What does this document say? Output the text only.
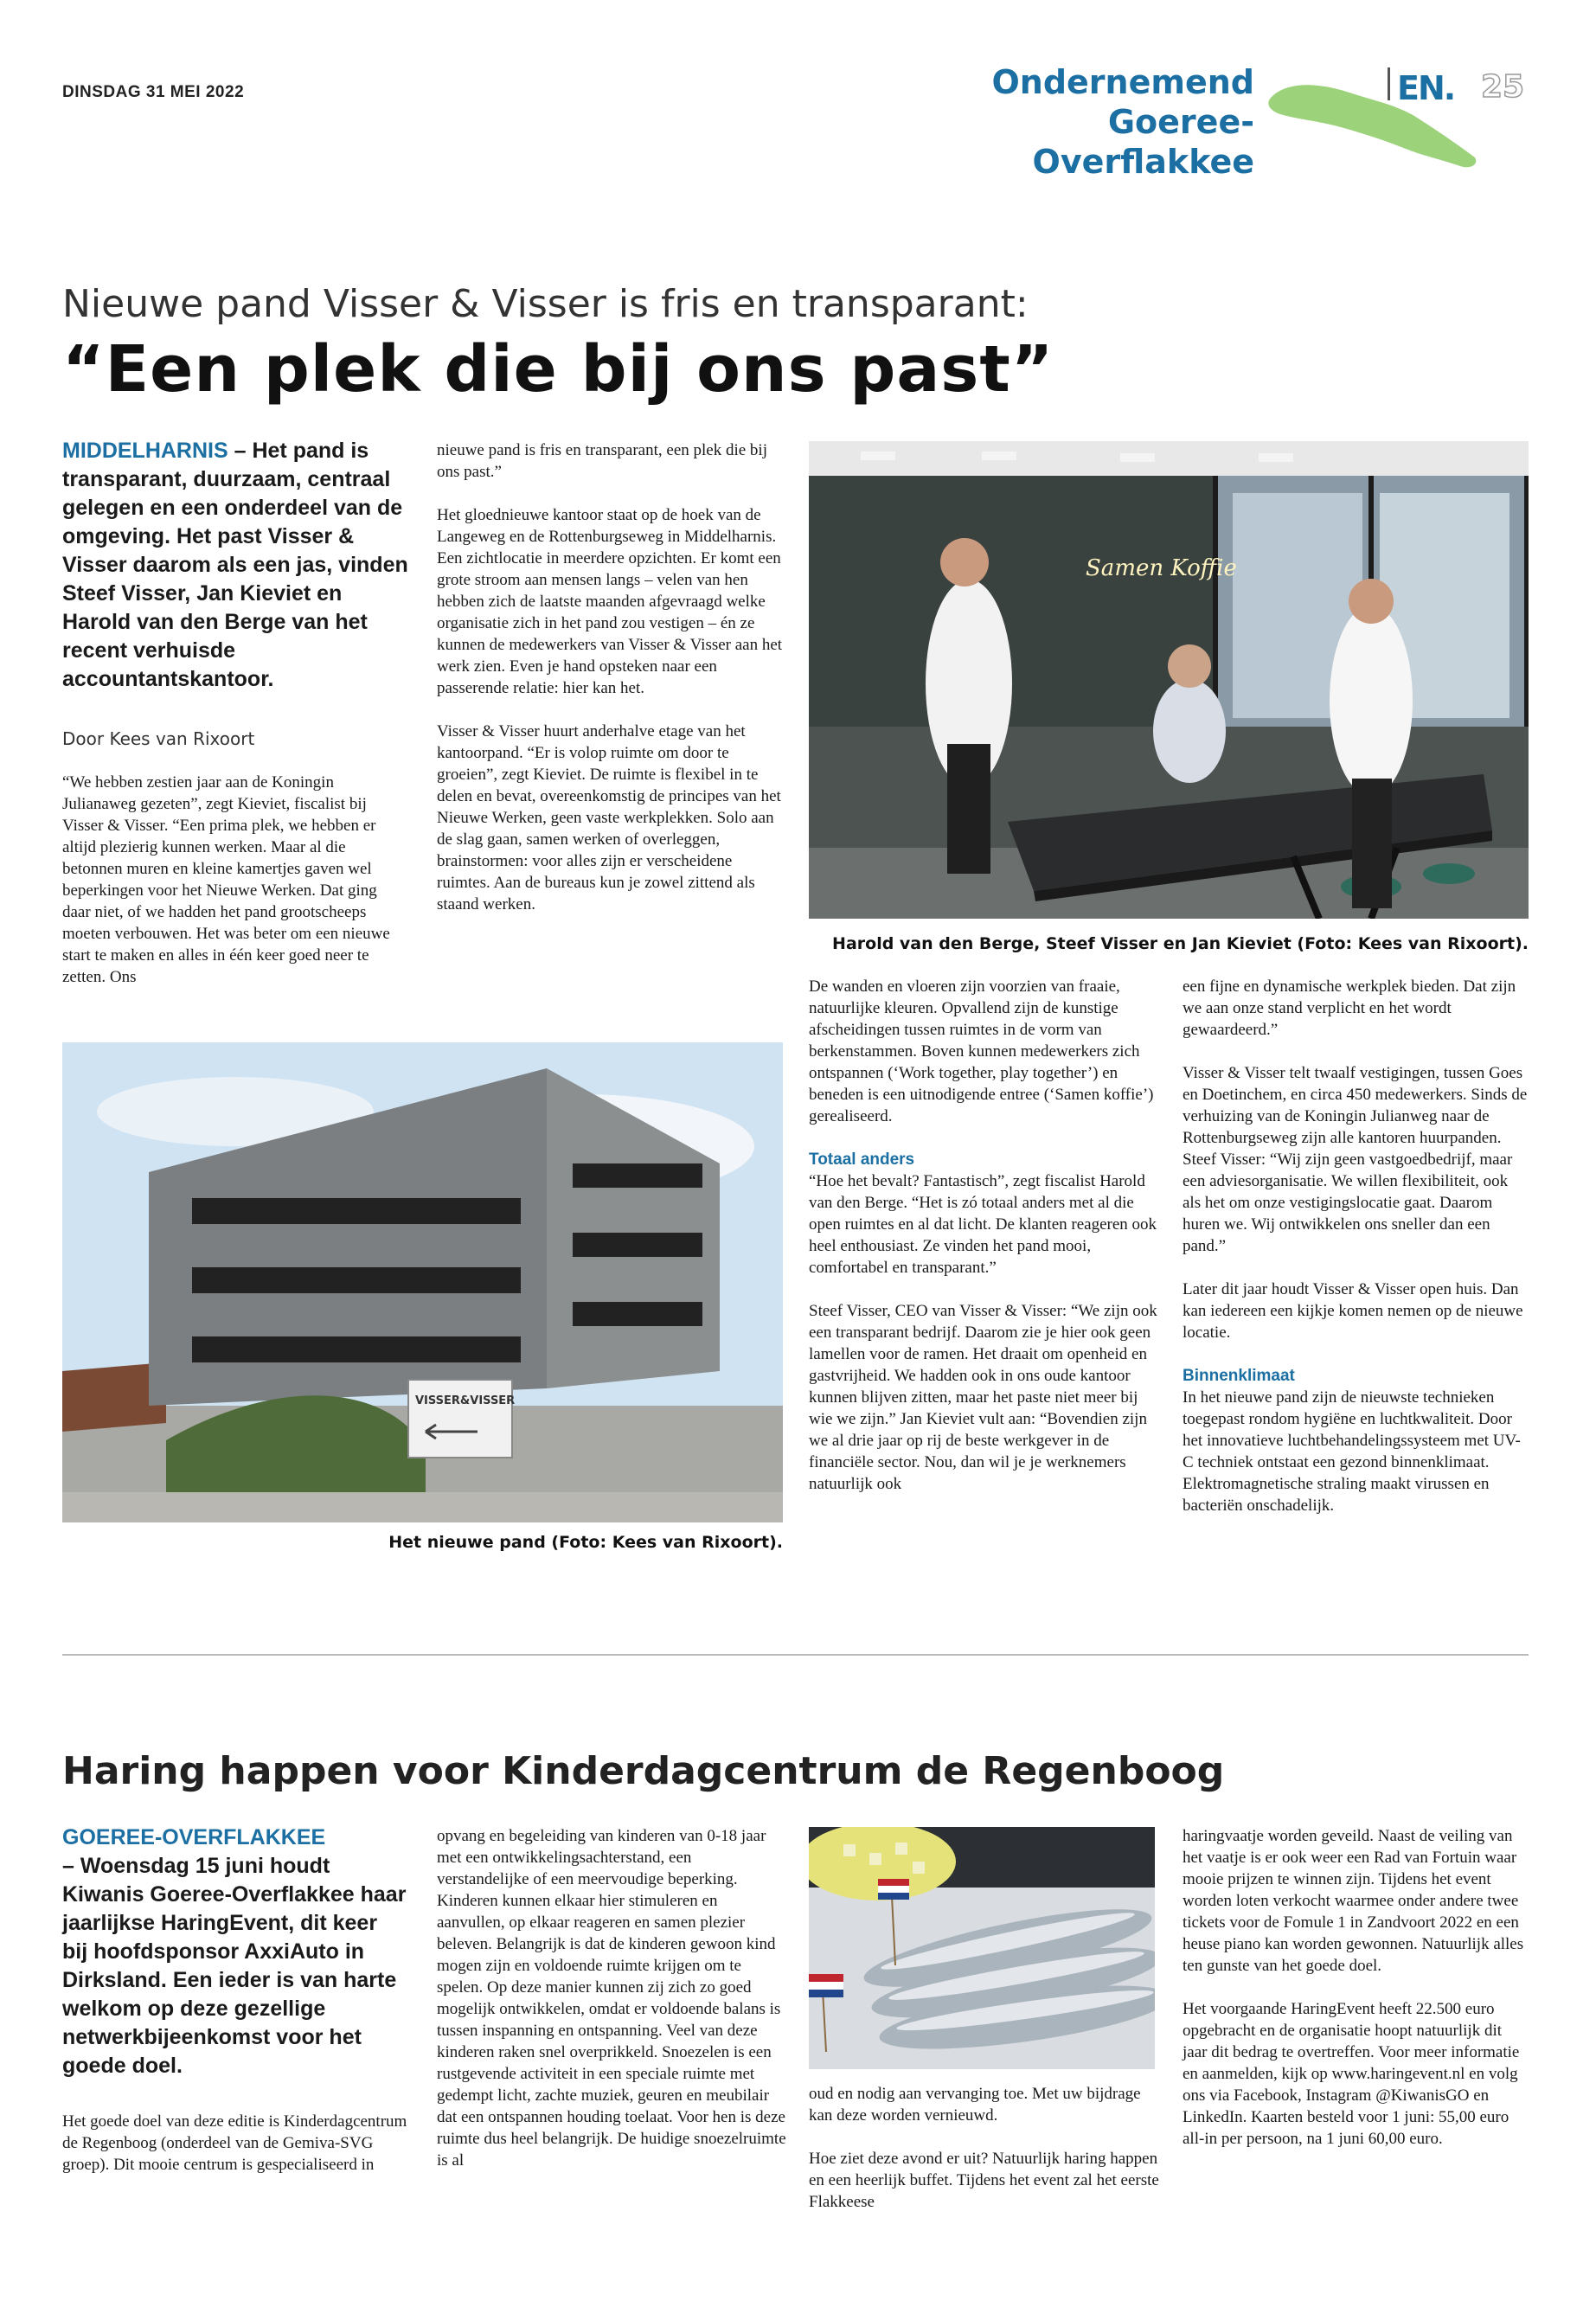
DINSDAG 31 MEI 2022	Ondernemend
Goeree-Overflakkee
EN. 25
Nieuwe pand Visser & Visser is fris en transparant:
“Een plek die bij ons past”
MIDDELHARNIS – Het pand is transparant, duurzaam, centraal gelegen en een onderdeel van de omgeving. Het past Visser & Visser daarom als een jas, vinden Steef Visser, Jan Kieviet en Harold van den Berge van het recent verhuisde accountantskantoor.
Door Kees van Rixoort

“We hebben zestien jaar aan de Koningin Julianaweg gezeten”, zegt Kieviet, fiscalist bij Visser & Visser. “Een prima plek, we hebben er altijd plezierig kunnen werken. Maar al die betonnen muren en kleine kamertjes gaven wel beperkingen voor het Nieuwe Werken. Dat ging daar niet, of we hadden het pand grootscheeps moeten verbouwen. Het was beter om een nieuwe start te maken en alles in één keer goed neer te zetten. Ons

nieuwe pand is fris en transparant, een plek die bij ons past.”

Het gloednieuwe kantoor staat op de hoek van de Langeweg en de Rottenburgseweg in Middelharnis. Een zichtlocatie in meerdere opzichten. Er komt een grote stroom aan mensen langs – velen van hen hebben zich de laatste maanden afgevraagd welke organisatie zich in het pand zou vestigen – én ze kunnen de medewerkers van Visser & Visser aan het werk zien. Even je hand opsteken naar een passerende relatie: hier kan het.

Visser & Visser huurt anderhalve etage van het kantoorpand. “Er is volop ruimte om door te groeien”, zegt Kieviet. De ruimte is flexibel in te delen en bevat, overeenkomstig de principes van het Nieuwe Werken, geen vaste werkplekken. Solo aan de slag gaan, samen werken of overleggen, brainstormen: voor alles zijn er verscheidene ruimtes. Aan de bureaus kun je zowel zittend als staand werken.

Samen Koffie
Harold van den Berge, Steef Visser en Jan Kieviet (Foto: Kees van Rixoort).
VISSER&VISSER
Het nieuwe pand (Foto: Kees van Rixoort).

De wanden en vloeren zijn voorzien van fraaie, natuurlijke kleuren. Opvallend zijn de kunstige afscheidingen tussen ruimtes in de vorm van berkenstammen. Boven kunnen medewerkers zich ontspannen (‘Work together, play together’) en beneden is een uitnodigende entree (‘Samen koffie’) gerealiseerd.

Totaal anders

“Hoe het bevalt? Fantastisch”, zegt fiscalist Harold van den Berge. “Het is zó totaal anders met al die open ruimtes en al dat licht. De klanten reageren ook heel enthousiast. Ze vinden het pand mooi, comfortabel en transparant.”

Steef Visser, CEO van Visser & Visser: “We zijn ook een transparant bedrijf. Daarom zie je hier ook geen lamellen voor de ramen. Het draait om openheid en gastvrijheid. We hadden ook in ons oude kantoor kunnen blijven zitten, maar het paste niet meer bij wie we zijn.” Jan Kieviet vult aan: “Bovendien zijn we al drie jaar op rij de beste werkgever in de financiële sector. Nou, dan wil je je werknemers natuurlijk ook

een fijne en dynamische werkplek bieden. Dat zijn we aan onze stand verplicht en het wordt gewaardeerd.”

Visser & Visser telt twaalf vestigingen, tussen Goes en Doetinchem, en circa 450 medewerkers. Sinds de verhuizing van de Koningin Julianweg naar de Rottenburgseweg zijn alle kantoren huurpanden. Steef Visser: “Wij zijn geen vastgoedbedrijf, maar een adviesorganisatie. We willen flexibiliteit, ook als het om onze vestigingslocatie gaat. Daarom huren we. Wij ontwikkelen ons sneller dan een pand.”

Later dit jaar houdt Visser & Visser open huis. Dan kan iedereen een kijkje komen nemen op de nieuwe locatie.

Binnenklimaat

In het nieuwe pand zijn de nieuwste technieken toegepast rondom hygiëne en luchtkwaliteit. Door het innovatieve luchtbehandelingssysteem met UV-C techniek ontstaat een gezond binnenklimaat. Elektromagnetische straling maakt virussen en bacteriën onschadelijk.

Haring happen voor Kinderdagcentrum de Regenboog
GOEREE-OVERFLAKKEE
– Woensdag 15 juni houdt Kiwanis Goeree-Overflakkee haar jaarlijkse HaringEvent, dit keer bij hoofdsponsor AxxiAuto in Dirksland. Een ieder is van harte welkom op deze gezellige netwerkbijeenkomst voor het goede doel.

Het goede doel van deze editie is Kinderdagcentrum de Regenboog (onderdeel van de Gemiva-SVG groep). Dit mooie centrum is gespecialiseerd in

opvang en begeleiding van kinderen van 0-18 jaar met een ontwikkelingsachterstand, een verstandelijke of een meervoudige beperking. Kinderen kunnen elkaar hier stimuleren en aanvullen, op elkaar reageren en samen plezier beleven. Belangrijk is dat de kinderen gewoon kind mogen zijn en voldoende ruimte krijgen om te spelen. Op deze manier kunnen zij zich zo goed mogelijk ontwikkelen, omdat er voldoende balans is tussen inspanning en ontspanning. Veel van deze kinderen raken snel overprikkeld. Snoezelen is een rustgevende activiteit in een speciale ruimte met gedempt licht, zachte muziek, geuren en meubilair dat een ontspannen houding toelaat. Voor hen is deze ruimte dus heel belangrijk. De huidige snoezelruimte is al

oud en nodig aan vervanging toe. Met uw bijdrage kan deze worden vernieuwd.

Hoe ziet deze avond er uit? Natuurlijk haring happen en een heerlijk buffet. Tijdens het event zal het eerste Flakkeese

haringvaatje worden geveild. Naast de veiling van het vaatje is er ook weer een Rad van Fortuin waar mooie prijzen te winnen zijn. Tijdens het event worden loten verkocht waarmee onder andere twee tickets voor de Fomule 1 in Zandvoort 2022 en een heuse piano kan worden gewonnen. Natuurlijk alles ten gunste van het goede doel.

Het voorgaande HaringEvent heeft 22.500 euro opgebracht en de organisatie hoopt natuurlijk dit jaar dit bedrag te overtreffen. Voor meer informatie en aanmelden, kijk op www.haringevent.nl en volg ons via Facebook, Instagram @KiwanisGO en LinkedIn. Kaarten besteld voor 1 juni: 55,00 euro all-in per persoon, na 1 juni 60,00 euro.
